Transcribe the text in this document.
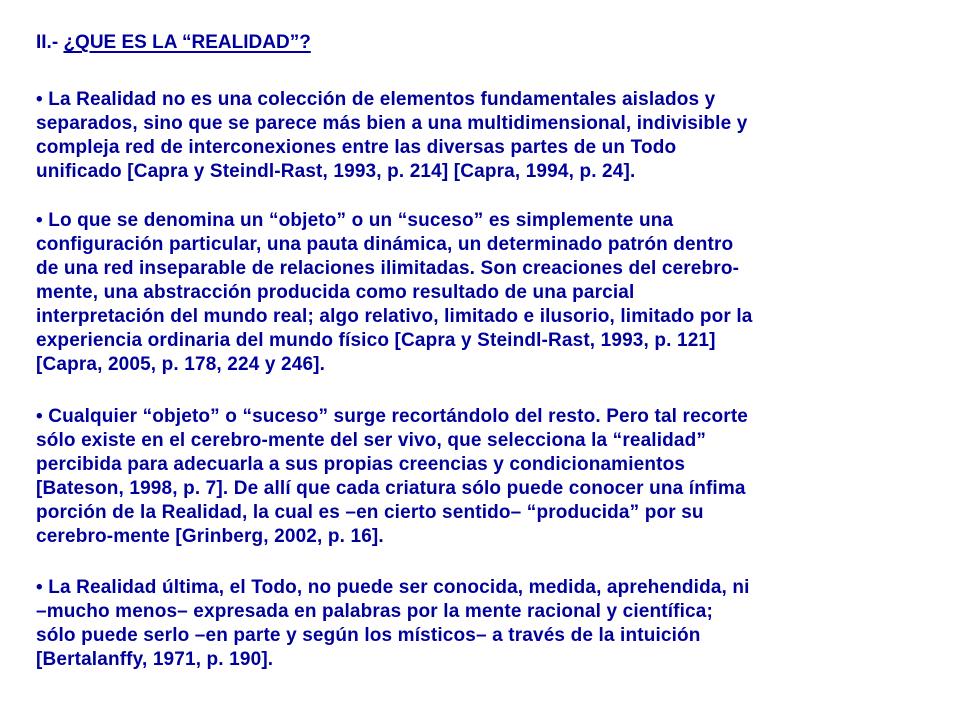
II.- ¿QUE ES LA “REALIDAD”?

• La Realidad no es una colección de elementos fundamentales aislados y
separados, sino que se parece más bien a una multidimensional, indivisible y
compleja red de interconexiones entre las diversas partes de un Todo
unificado [Capra y Steindl-Rast, 1993, p. 214] [Capra, 1994, p. 24].

• Lo que se denomina un “objeto” o un “suceso” es simplemente una
configuración particular, una pauta dinámica, un determinado patrón dentro
de una red inseparable de relaciones ilimitadas. Son creaciones del cerebro-
mente, una abstracción producida como resultado de una parcial
interpretación del mundo real; algo relativo, limitado e ilusorio, limitado por la
experiencia ordinaria del mundo físico [Capra y Steindl-Rast, 1993, p. 121]
[Capra, 2005, p. 178, 224 y 246].

• Cualquier “objeto” o “suceso” surge recortándolo del resto. Pero tal recorte
sólo existe en el cerebro-mente del ser vivo, que selecciona la “realidad”
percibida para adecuarla a sus propias creencias y condicionamientos
[Bateson, 1998, p. 7]. De allí que cada criatura sólo puede conocer una ínfima
porción de la Realidad, la cual es –en cierto sentido– “producida” por su
cerebro-mente [Grinberg, 2002, p. 16].

• La Realidad última, el Todo, no puede ser conocida, medida, aprehendida, ni
–mucho menos– expresada en palabras por la mente racional y científica;
sólo puede serlo –en parte y según los místicos– a través de la intuición
[Bertalanffy, 1971, p. 190].
